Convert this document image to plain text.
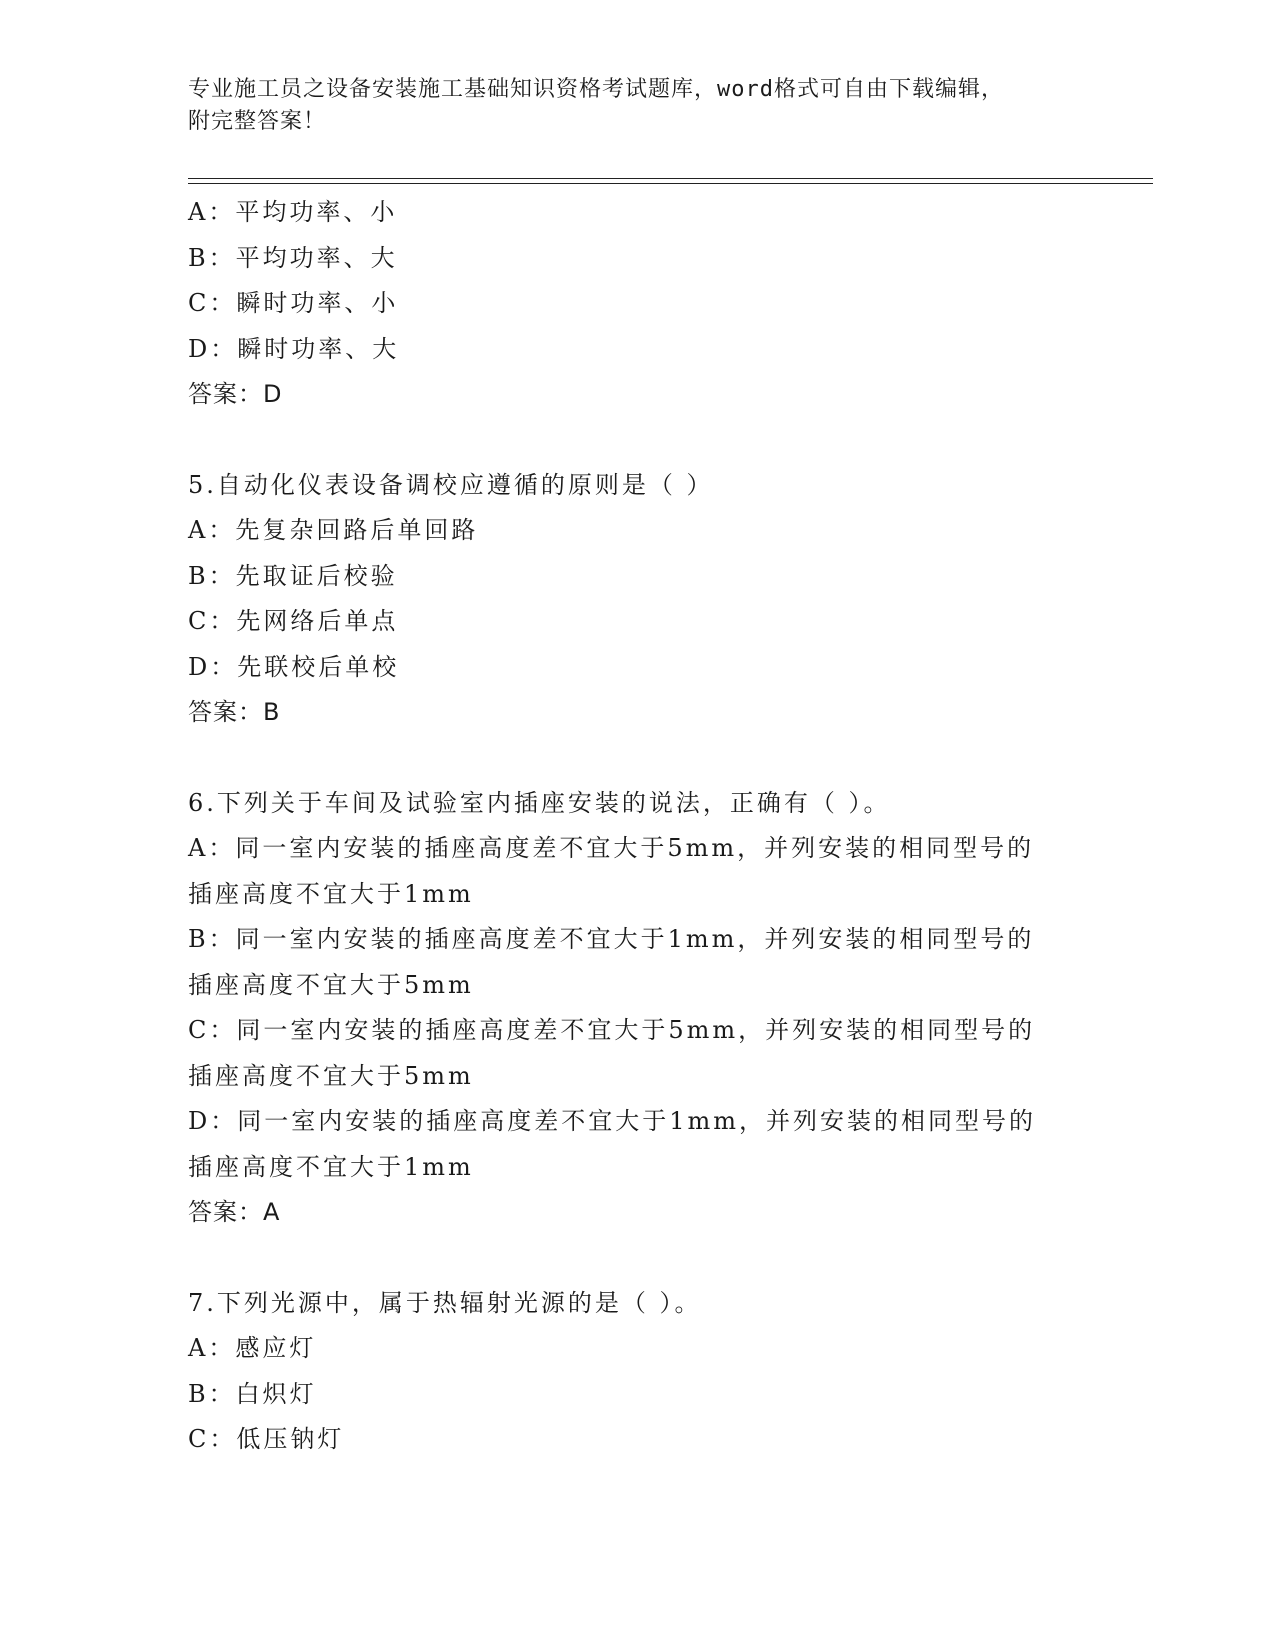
专业施工员之设备安装施工基础知识资格考试题库，word格式可自由下载编辑，
附完整答案！
A：平均功率、小
B：平均功率、大
C：瞬时功率、小
D：瞬时功率、大
答案：D
5.自动化仪表设备调校应遵循的原则是（ ）
A：先复杂回路后单回路
B：先取证后校验
C：先网络后单点
D：先联校后单校
答案：B
6.下列关于车间及试验室内插座安装的说法，正确有（ ）。
A：同一室内安装的插座高度差不宜大于5mm，并列安装的相同型号的
插座高度不宜大于1mm
B：同一室内安装的插座高度差不宜大于1mm，并列安装的相同型号的
插座高度不宜大于5mm
C：同一室内安装的插座高度差不宜大于5mm，并列安装的相同型号的
插座高度不宜大于5mm
D：同一室内安装的插座高度差不宜大于1mm，并列安装的相同型号的
插座高度不宜大于1mm
答案：A
7.下列光源中，属于热辐射光源的是（ ）。
A：感应灯
B：白炽灯
C：低压钠灯
